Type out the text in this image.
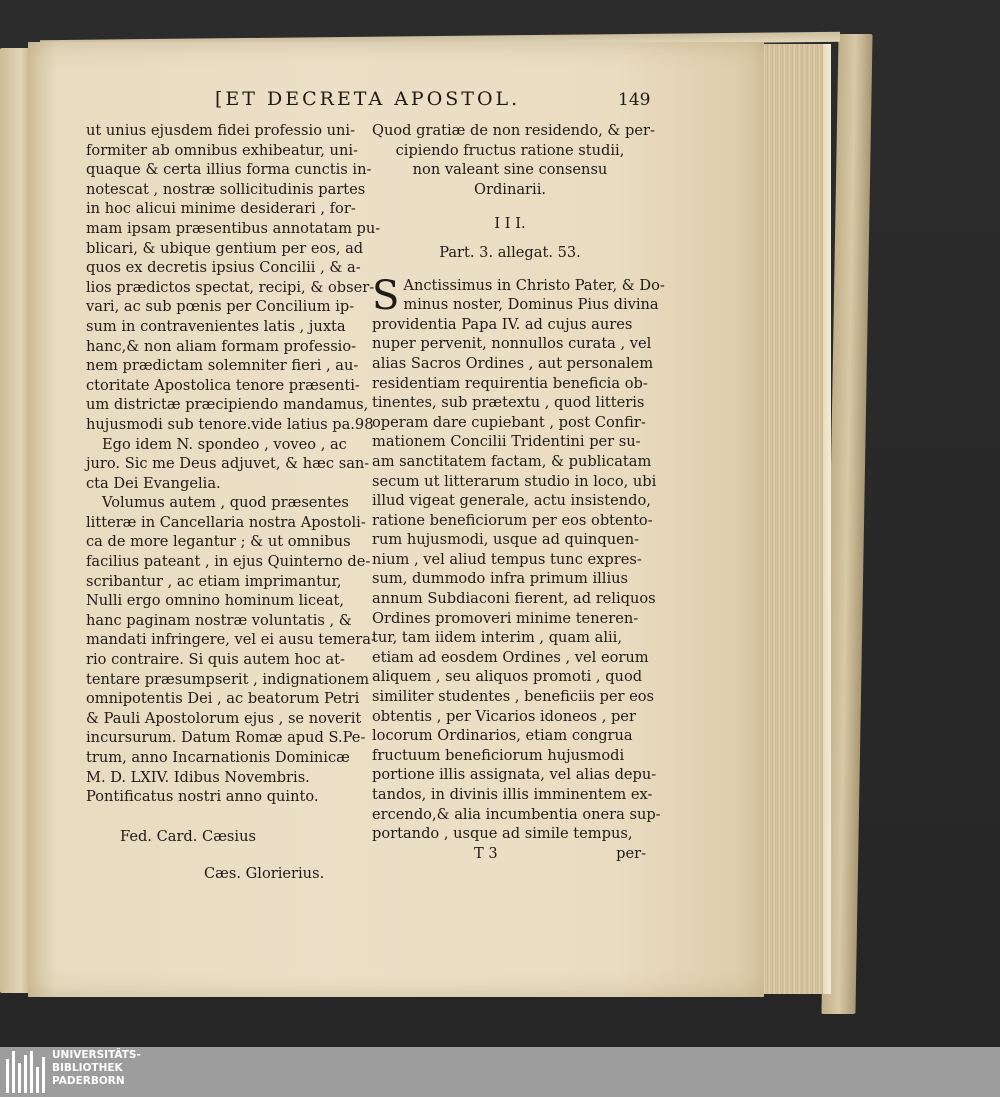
[ET DECRETA APOSTOL.	149
ut unius ejusdem fidei professio uni-
formiter ab omnibus exhibeatur, uni-
quaque & certa illius forma cunctis in-
notescat , nostræ sollicitudinis partes
in hoc alicui minime desiderari , for-
mam ipsam præsentibus annotatam pu-
blicari, & ubique gentium per eos, ad
quos ex decretis ipsius Concilii , & a-
lios prædictos spectat, recipi, & obser-
vari, ac sub pœnis per Concilium ip-
sum in contravenientes latis , juxta
hanc,& non aliam formam professio-
nem prædictam solemniter fieri , au-
ctoritate Apostolica tenore præsenti-
um districtæ præcipiendo mandamus,
hujusmodi sub tenore.vide latius pa.98
Ego idem N. spondeo , voveo , ac
juro. Sic me Deus adjuvet, & hæc san-
cta Dei Evangelia.
Volumus autem , quod præsentes
litteræ in Cancellaria nostra Apostoli-
ca de more legantur ; & ut omnibus
facilius pateant , in ejus Quinterno de-
scribantur , ac etiam imprimantur,
Nulli ergo omnino hominum liceat,
hanc paginam nostræ voluntatis , &
mandati infringere, vel ei ausu temera-
rio contraire. Si quis autem hoc at-
tentare præsumpserit , indignationem
omnipotentis Dei , ac beatorum Petri
& Pauli Apostolorum ejus , se noverit
incursurum. Datum Romæ apud S.Pe-
trum, anno Incarnationis Dominicæ
M. D. LXIV. Idibus Novembris.
Pontificatus nostri anno quinto.
Fed. Card. Cæsius
Cæs. Glorierius.
Quod gratiæ de non residendo, & per-
cipiendo fructus ratione studii,
non valeant sine consensu
Ordinarii.
I I I.
Part. 3. allegat. 53.
S Anctissimus in Christo Pater, & Do-
minus noster, Dominus Pius divina
providentia Papa IV. ad cujus aures
nuper pervenit, nonnullos curata , vel
alias Sacros Ordines , aut personalem
residentiam requirentia beneficia ob-
tinentes, sub prætextu , quod litteris
operam dare cupiebant , post Confir-
mationem Concilii Tridentini per su-
am sanctitatem factam, & publicatam
secum ut litterarum studio in loco, ubi
illud vigeat generale, actu insistendo,
ratione beneficiorum per eos obtento-
rum hujusmodi, usque ad quinquen-
nium , vel aliud tempus tunc expres-
sum, dummodo infra primum illius
annum Subdiaconi fierent, ad reliquos
Ordines promoveri minime teneren-
tur, tam iidem interim , quam alii,
etiam ad eosdem Ordines , vel eorum
aliquem , seu aliquos promoti , quod
similiter studentes , beneficiis per eos
obtentis , per Vicarios idoneos , per
locorum Ordinarios, etiam congrua
fructuum beneficiorum hujusmodi
portione illis assignata, vel alias depu-
tandos, in divinis illis imminentem ex-
ercendo,& alia incumbentia onera sup-
portando , usque ad simile tempus,
T 3	per-
UNIVERSITÄTS-
BIBLIOTHEK
PADERBORN
